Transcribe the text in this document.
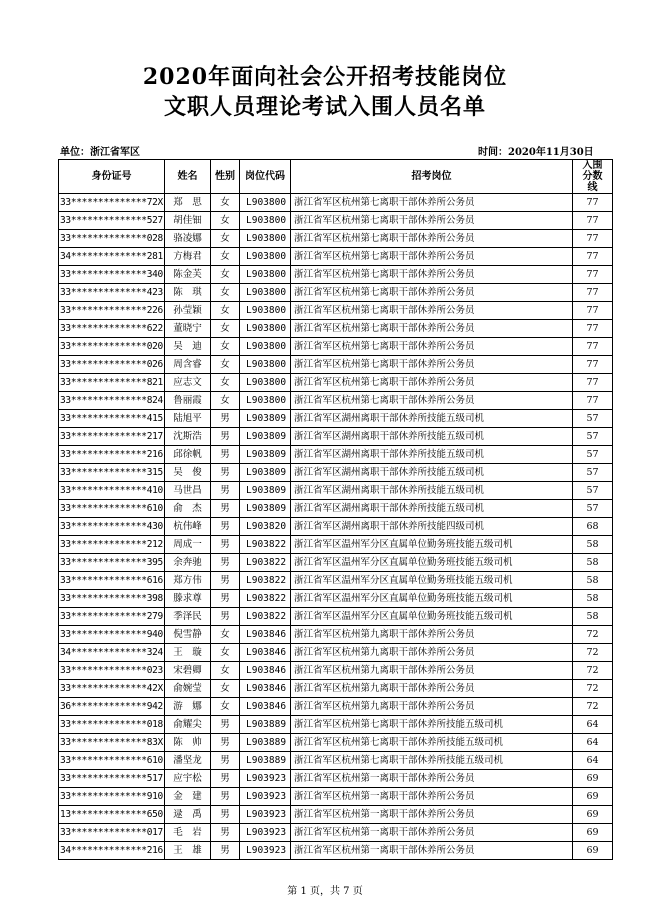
2020年面向社会公开招考技能岗位
文职人员理论考试入围人员名单
单位：浙江省军区	时间：2020年11月30日
身份证号	姓名	性别	岗位代码	招考岗位	入围分数线

33**************72X	郑　思	女	L903800	浙江省军区杭州第七离职干部休养所公务员	77
33**************527	胡佳钿	女	L903800	浙江省军区杭州第七离职干部休养所公务员	77
33**************028	骆凌娜	女	L903800	浙江省军区杭州第七离职干部休养所公务员	77
34**************281	方梅君	女	L903800	浙江省军区杭州第七离职干部休养所公务员	77
33**************340	陈金芙	女	L903800	浙江省军区杭州第七离职干部休养所公务员	77
33**************423	陈　琪	女	L903800	浙江省军区杭州第七离职干部休养所公务员	77
33**************226	孙莹颖	女	L903800	浙江省军区杭州第七离职干部休养所公务员	77
33**************622	董晓宁	女	L903800	浙江省军区杭州第七离职干部休养所公务员	77
33**************020	吴　迪	女	L903800	浙江省军区杭州第七离职干部休养所公务员	77
33**************026	周含睿	女	L903800	浙江省军区杭州第七离职干部休养所公务员	77
33**************821	应志文	女	L903800	浙江省军区杭州第七离职干部休养所公务员	77
33**************824	鲁丽霞	女	L903800	浙江省军区杭州第七离职干部休养所公务员	77
33**************415	陆旭平	男	L903809	浙江省军区湖州离职干部休养所技能五级司机	57
33**************217	沈斯浩	男	L903809	浙江省军区湖州离职干部休养所技能五级司机	57
33**************216	邱徐帆	男	L903809	浙江省军区湖州离职干部休养所技能五级司机	57
33**************315	吴　俊	男	L903809	浙江省军区湖州离职干部休养所技能五级司机	57
33**************410	马世昌	男	L903809	浙江省军区湖州离职干部休养所技能五级司机	57
33**************610	俞　杰	男	L903809	浙江省军区湖州离职干部休养所技能五级司机	57
33**************430	杭伟峰	男	L903820	浙江省军区湖州离职干部休养所技能四级司机	68
33**************212	周成一	男	L903822	浙江省军区温州军分区直属单位勤务班技能五级司机	58
33**************395	余奔驰	男	L903822	浙江省军区温州军分区直属单位勤务班技能五级司机	58
33**************616	郑方伟	男	L903822	浙江省军区温州军分区直属单位勤务班技能五级司机	58
33**************398	滕求尊	男	L903822	浙江省军区温州军分区直属单位勤务班技能五级司机	58
33**************279	季泽民	男	L903822	浙江省军区温州军分区直属单位勤务班技能五级司机	58
33**************940	倪雪静	女	L903846	浙江省军区杭州第九离职干部休养所公务员	72
34**************324	王　璇	女	L903846	浙江省军区杭州第九离职干部休养所公务员	72
33**************023	宋碧卿	女	L903846	浙江省军区杭州第九离职干部休养所公务员	72
33**************42X	俞婉莹	女	L903846	浙江省军区杭州第九离职干部休养所公务员	72
36**************942	游　娜	女	L903846	浙江省军区杭州第九离职干部休养所公务员	72
33**************018	俞耀尖	男	L903889	浙江省军区杭州第七离职干部休养所技能五级司机	64
33**************83X	陈　帅	男	L903889	浙江省军区杭州第七离职干部休养所技能五级司机	64
33**************610	潘坚龙	男	L903889	浙江省军区杭州第七离职干部休养所技能五级司机	64
33**************517	应宇松	男	L903923	浙江省军区杭州第一离职干部休养所公务员	69
33**************910	金　建	男	L903923	浙江省军区杭州第一离职干部休养所公务员	69
13**************650	逯　禹	男	L903923	浙江省军区杭州第一离职干部休养所公务员	69
33**************017	毛　岩	男	L903923	浙江省军区杭州第一离职干部休养所公务员	69
34**************216	王　雄	男	L903923	浙江省军区杭州第一离职干部休养所公务员	69
第 1 页，共 7 页
